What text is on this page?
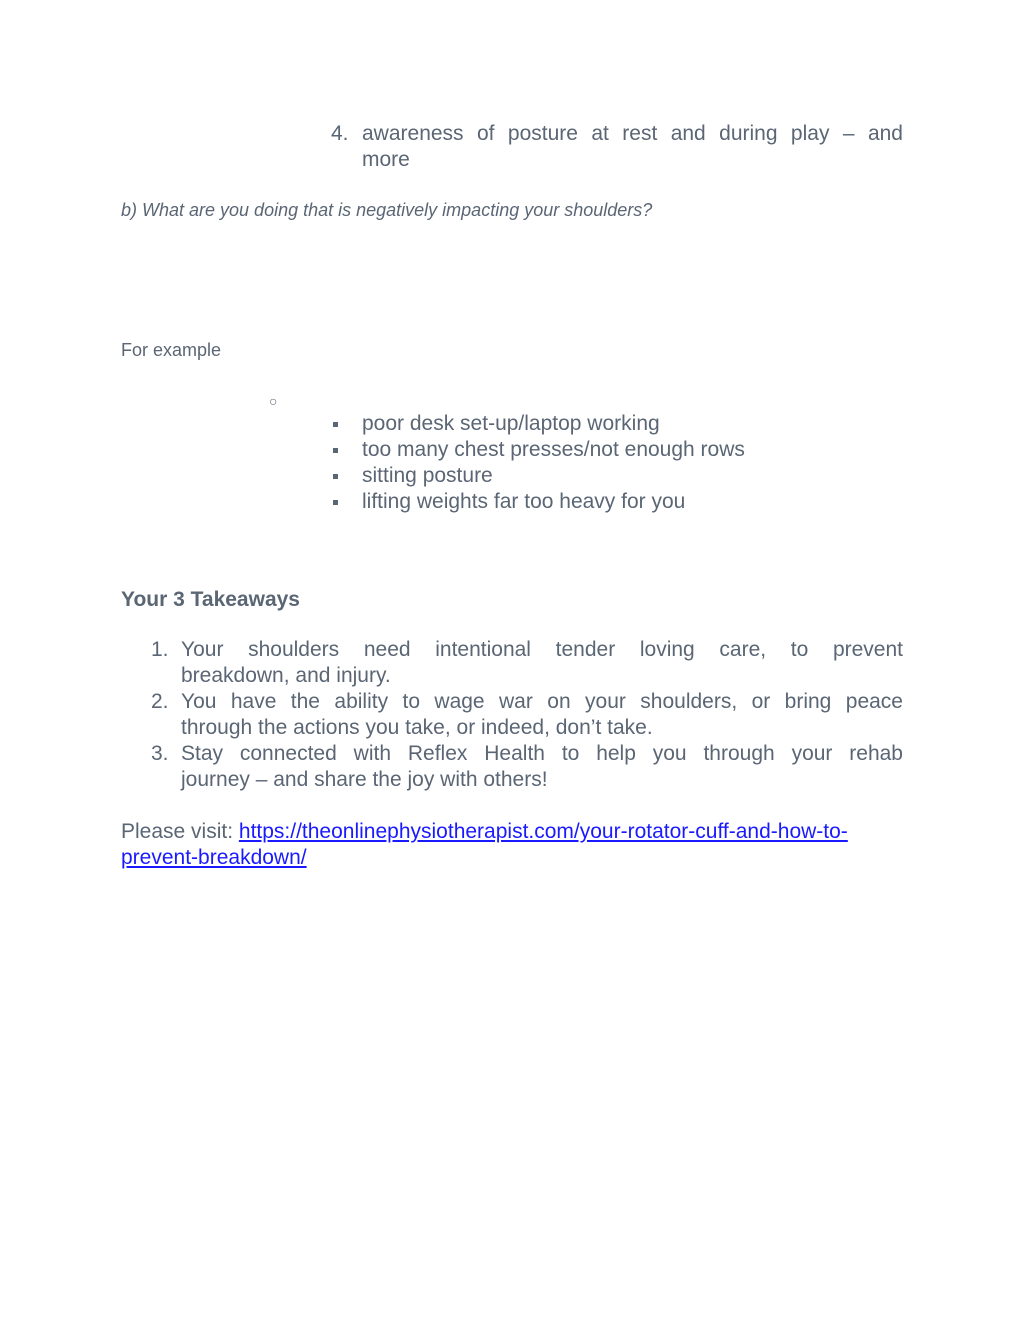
4. awareness of posture at rest and during play – and
more
b) What are you doing that is negatively impacting your shoulders?
For example
○
poor desk set-up/laptop working
too many chest presses/not enough rows
sitting posture
lifting weights far too heavy for you
Your 3 Takeaways
1. Your shoulders need intentional tender loving care, to prevent
breakdown, and injury.
2. You have the ability to wage war on your shoulders, or bring peace
through the actions you take, or indeed, don’t take.
3. Stay connected with Reflex Health to help you through your rehab
journey – and share the joy with others!
Please visit: https://theonlinephysiotherapist.com/your-rotator-cuff-and-how-to-
prevent-breakdown/
